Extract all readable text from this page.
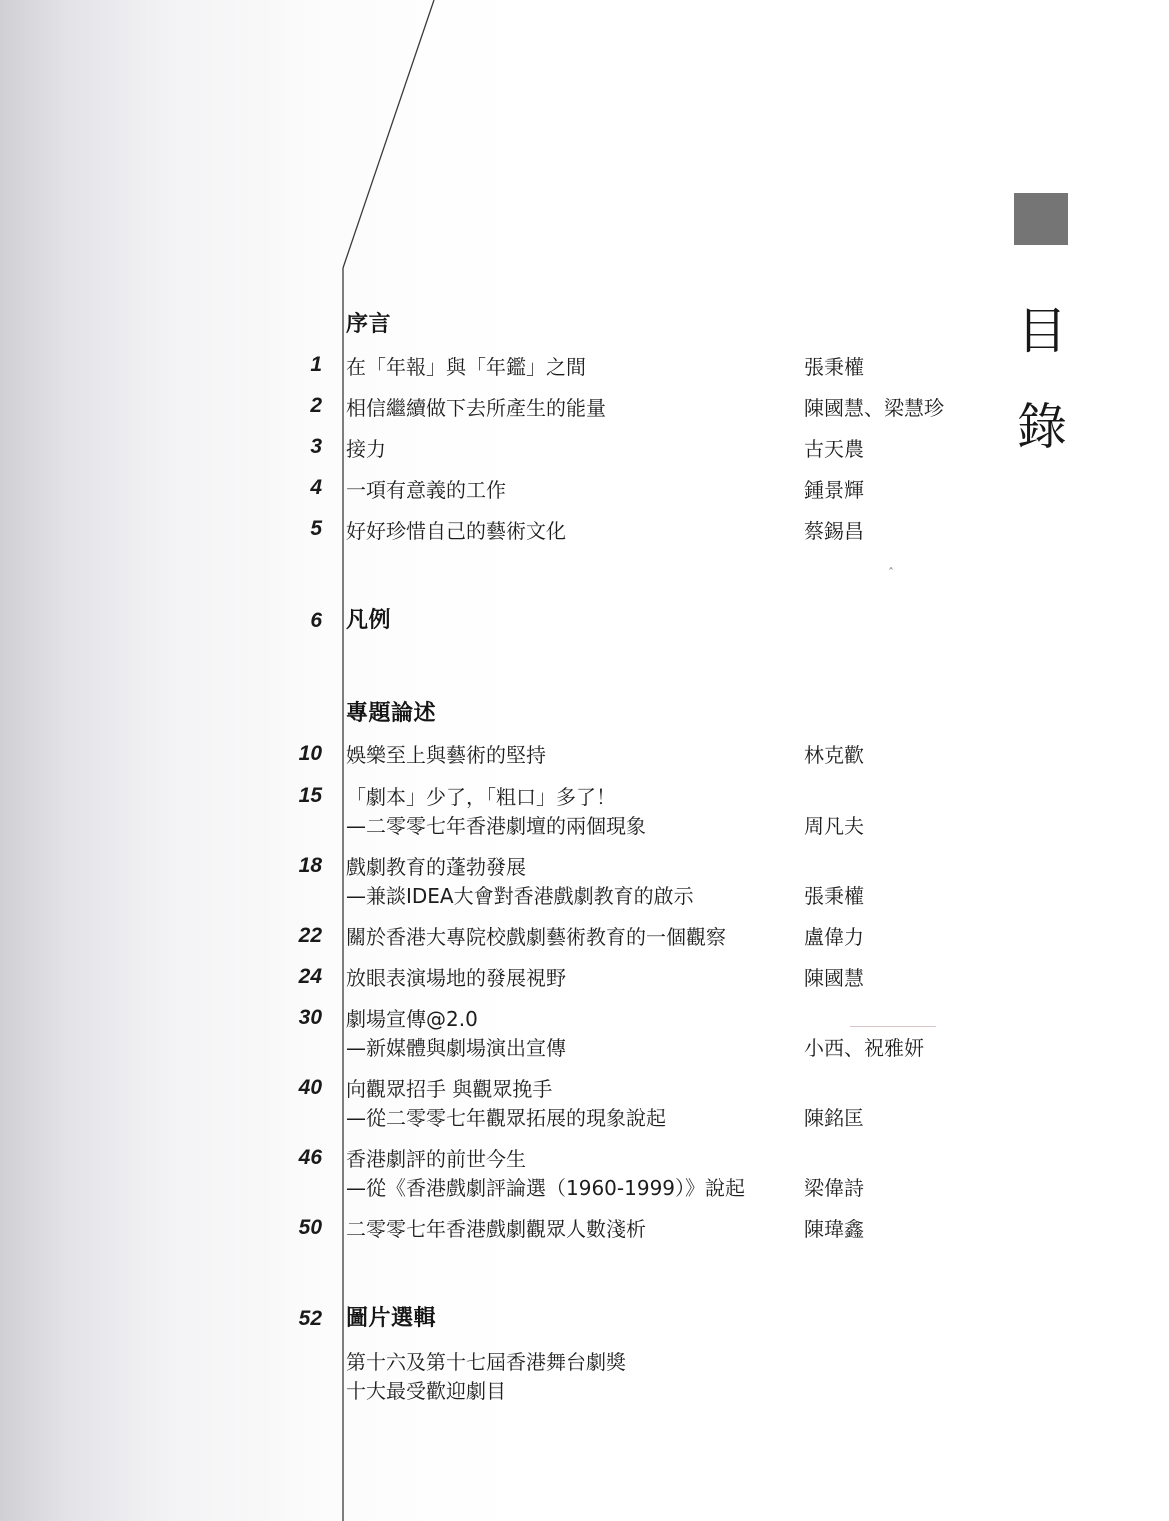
目
錄
序言
1 在「年報」與「年鑑」之間	張秉權
2 相信繼續做下去所產生的能量	陳國慧、梁慧珍
3 接力	古天農
4 一項有意義的工作	鍾景輝
5 好好珍惜自己的藝術文化	蔡錫昌
ˆ
6 凡例
專題論述
10 娛樂至上與藝術的堅持	林克歡
15 「劇本」少了，「粗口」多了！
—二零零七年香港劇壇的兩個現象	周凡夫
18 戲劇教育的蓬勃發展
—兼談IDEA大會對香港戲劇教育的啟示	張秉權
22 關於香港大專院校戲劇藝術教育的一個觀察	盧偉力
24 放眼表演場地的發展視野	陳國慧
30 劇場宣傳@2.0
—新媒體與劇場演出宣傳	小西、祝雅妍
40 向觀眾招手 與觀眾挽手
—從二零零七年觀眾拓展的現象說起	陳銘匡
46 香港劇評的前世今生
—從《香港戲劇評論選（1960-1999）》說起	梁偉詩
50 二零零七年香港戲劇觀眾人數淺析	陳瑋鑫
52 圖片選輯
第十六及第十七屆香港舞台劇獎
十大最受歡迎劇目
